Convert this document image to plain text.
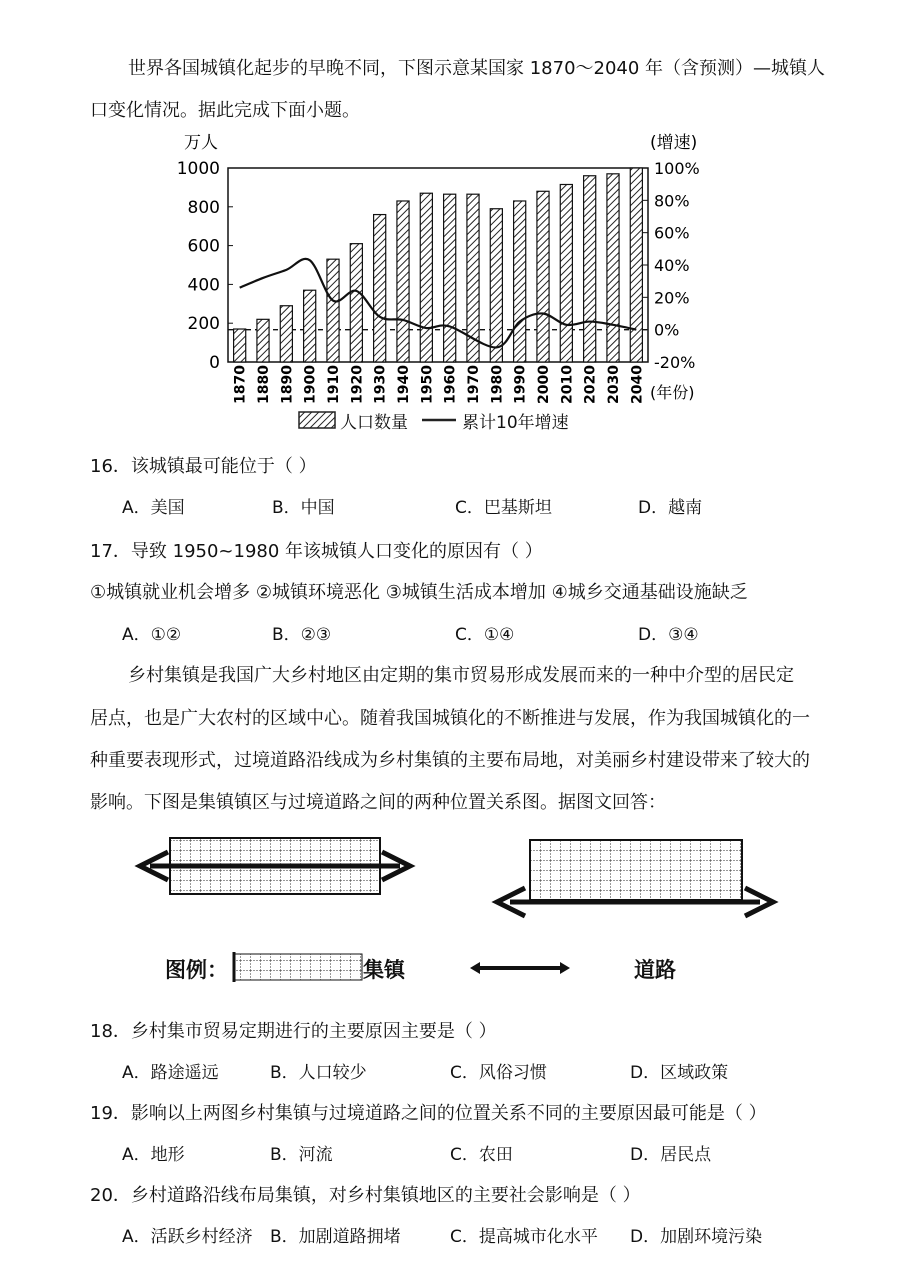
世界各国城镇化起步的早晚不同，下图示意某国家 1870～2040 年（含预测）—城镇人
口变化情况。据此完成下面小题。
万人	(增速)
(年份)
0
200
400
600
800
1000
-20%
0%
20%
40%
60%
80%
100%
1870 1880 1890 1900 1910 1920 1930 1940 1950 1960 1970 1980 1990 2000 2010 2020 2030 2040
人口数量	累计10年增速
16．该城镇最可能位于（ ）
A．美国	B．中国	C．巴基斯坦	D．越南
17．导致 1950~1980 年该城镇人口变化的原因有（ ）
①城镇就业机会增多 ②城镇环境恶化 ③城镇生活成本增加 ④城乡交通基础设施缺乏
A．①②	B．②③	C．①④	D．③④
乡村集镇是我国广大乡村地区由定期的集市贸易形成发展而来的一种中介型的居民定
居点，也是广大农村的区域中心。随着我国城镇化的不断推进与发展，作为我国城镇化的一
种重要表现形式，过境道路沿线成为乡村集镇的主要布局地，对美丽乡村建设带来了较大的
影响。下图是集镇镇区与过境道路之间的两种位置关系图。据图文回答：
图例：	集镇	道路
18．乡村集市贸易定期进行的主要原因主要是（ ）
A．路途遥远	B．人口较少	C．风俗习惯	D．区域政策
19．影响以上两图乡村集镇与过境道路之间的位置关系不同的主要原因最可能是（ ）
A．地形	B．河流	C．农田	D．居民点
20．乡村道路沿线布局集镇，对乡村集镇地区的主要社会影响是（ ）
A．活跃乡村经济 B．加剧道路拥堵	C．提高城市化水平 D．加剧环境污染
